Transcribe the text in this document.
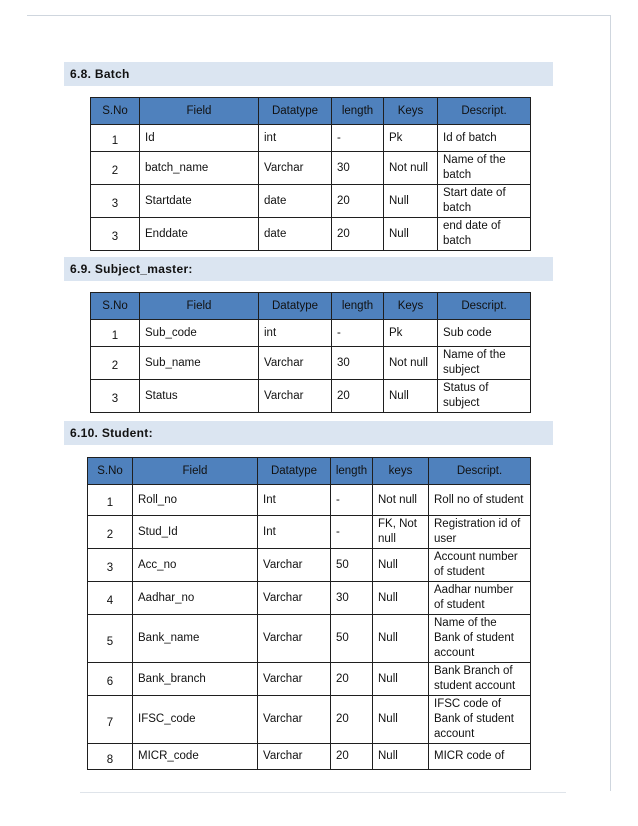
6.8. Batch
S.No	Field	Datatype	length	Keys	Descript.
1	Id	int	-	Pk	Id of batch
2	batch_name	Varchar	30	Not null	Name of the batch
3	Startdate	date	20	Null	Start date of batch
3	Enddate	date	20	Null	end date of batch
6.9. Subject_master:
S.No	Field	Datatype	length	Keys	Descript.
1	Sub_code	int	-	Pk	Sub code
2	Sub_name	Varchar	30	Not null	Name of the subject
3	Status	Varchar	20	Null	Status of subject
6.10. Student:
S.No	Field	Datatype	length	keys	Descript.
1	Roll_no	Int	-	Not null	Roll no of student
2	Stud_Id	Int	-	FK, Not null	Registration id of user
3	Acc_no	Varchar	50	Null	Account number of student
4	Aadhar_no	Varchar	30	Null	Aadhar number of student
5	Bank_name	Varchar	50	Null	Name of the Bank of student account
6	Bank_branch	Varchar	20	Null	Bank Branch of student account
7	IFSC_code	Varchar	20	Null	IFSC code of Bank of student account
8	MICR_code	Varchar	20	Null	MICR code of
